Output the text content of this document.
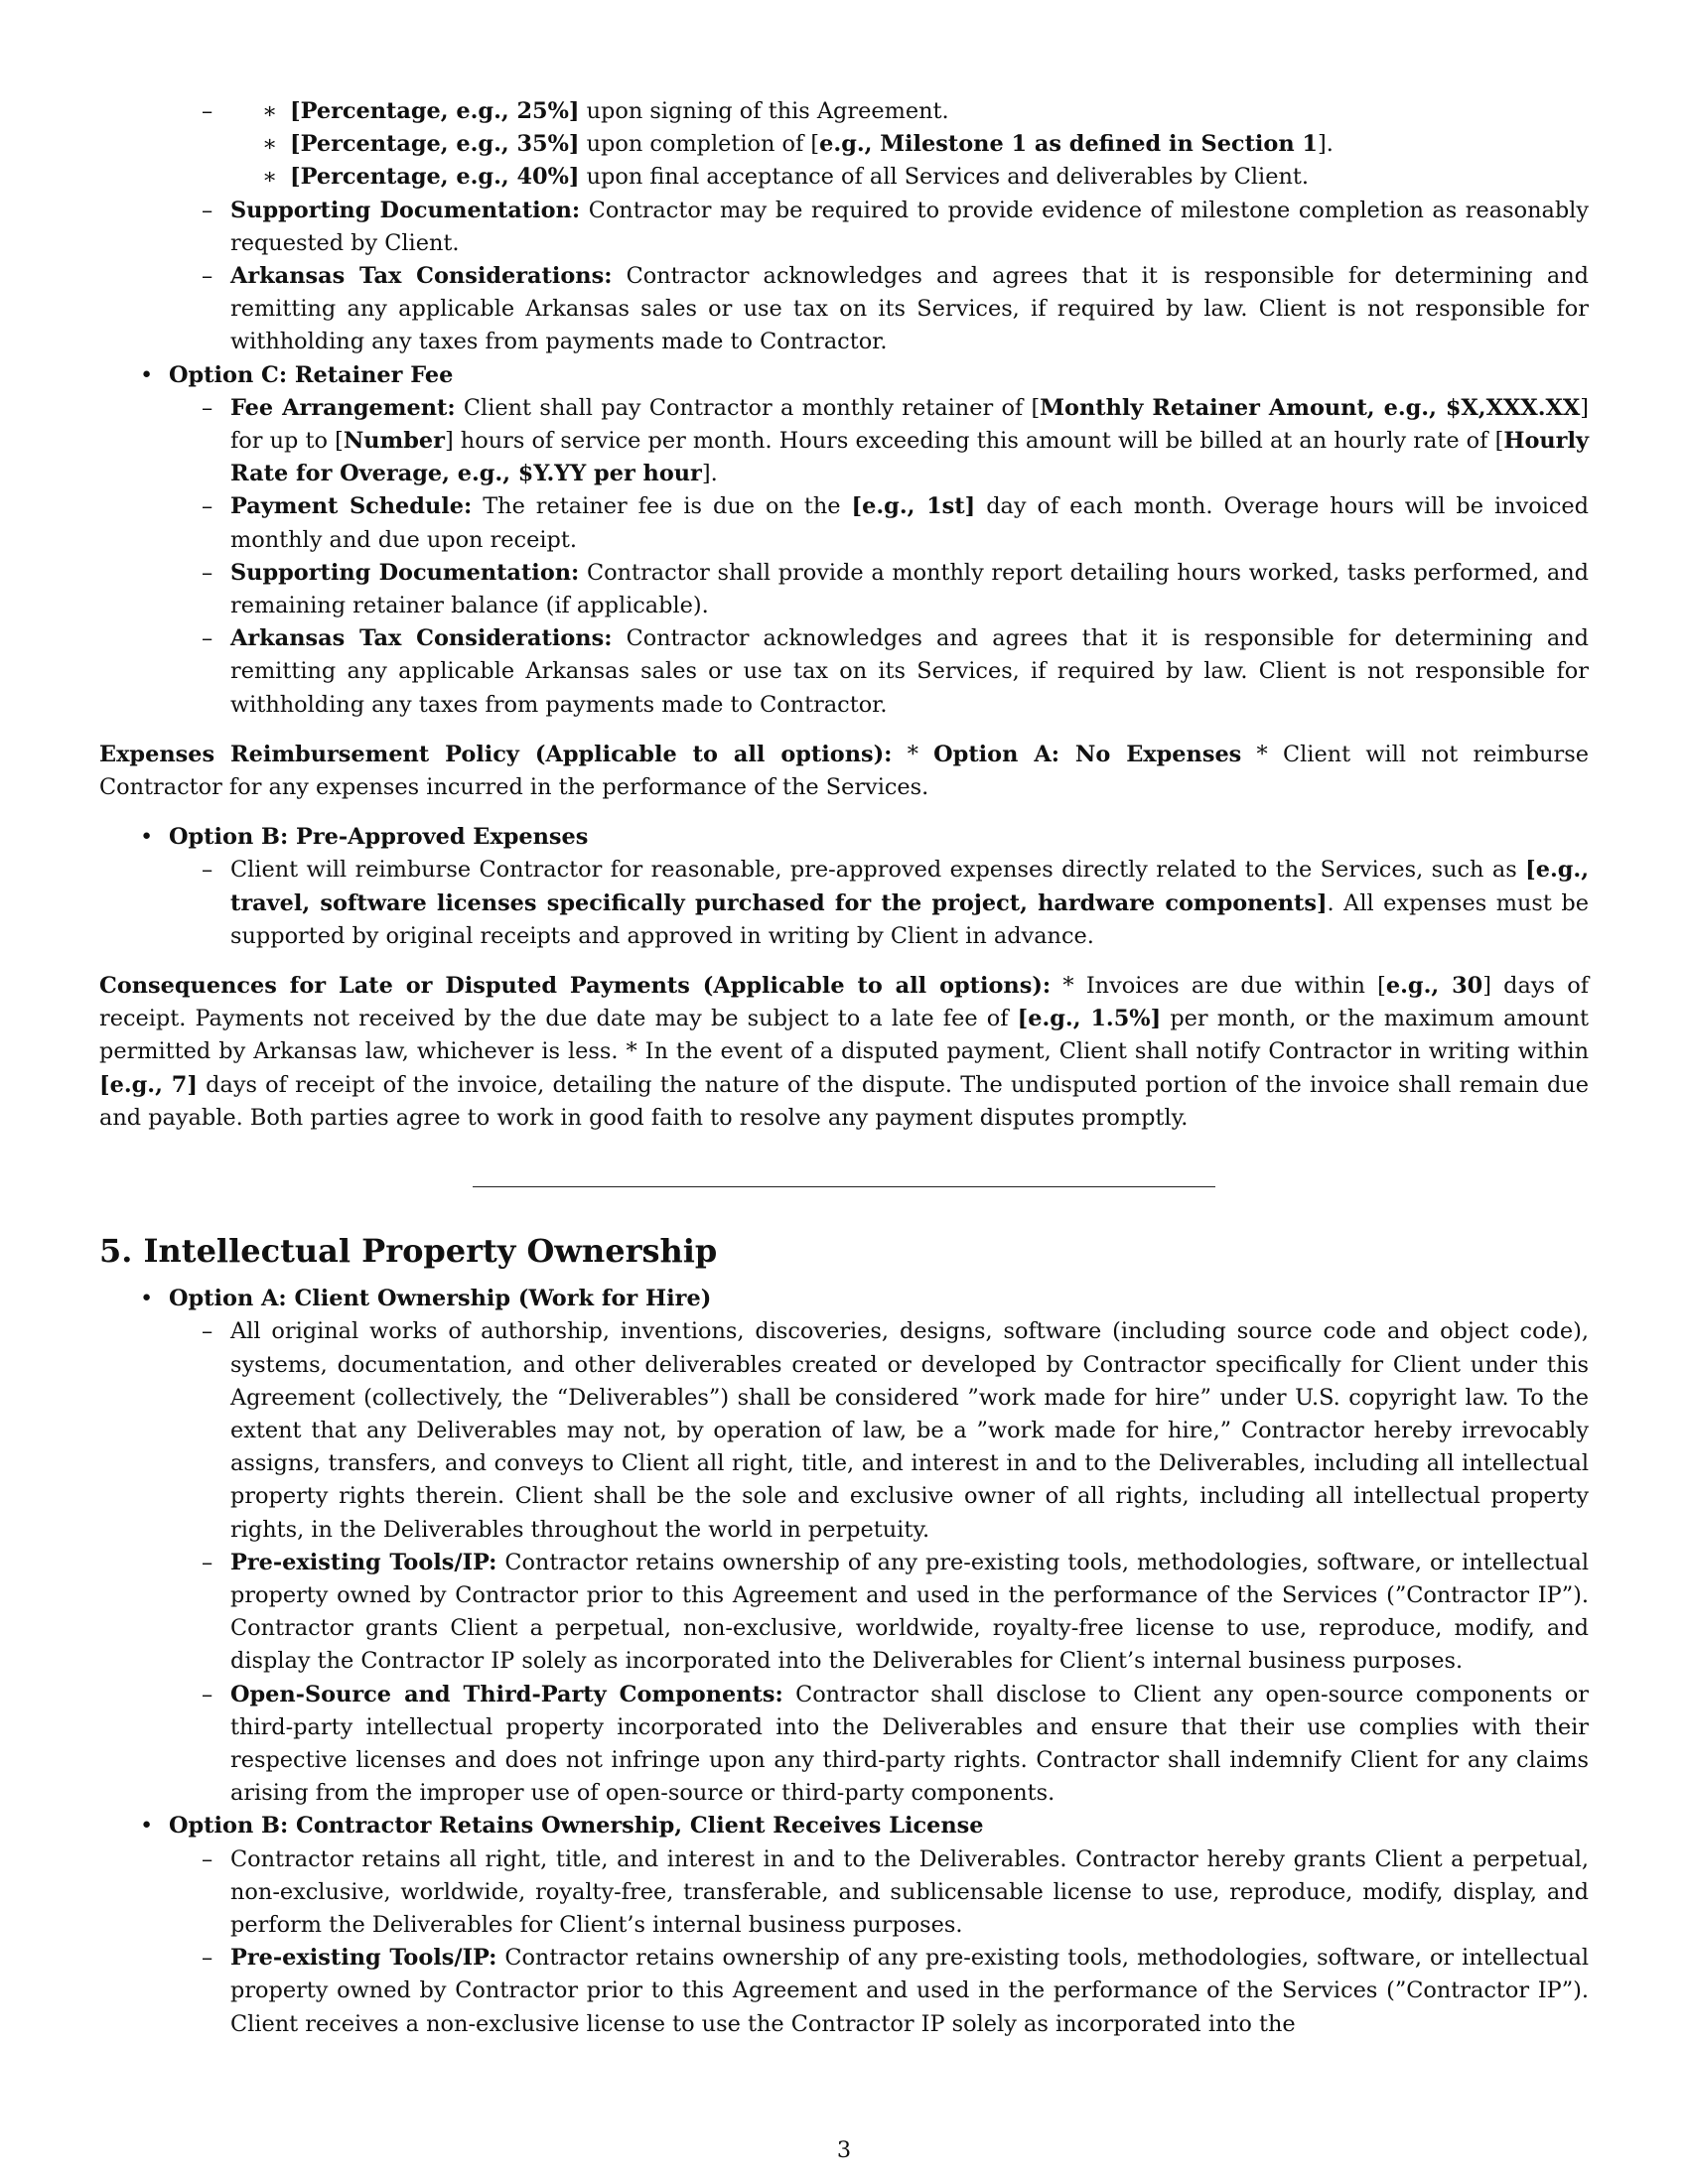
∗ – [Percentage, e.g., 25%] upon signing of this Agreement.
∗ [Percentage, e.g., 35%] upon completion of [e.g., Milestone 1 as defined in Section 1].
∗ [Percentage, e.g., 40%] upon final acceptance of all Services and deliverables by Client.
– Supporting Documentation: Contractor may be required to provide evidence of milestone completion as reasonably requested by Client.
– Arkansas Tax Considerations: Contractor acknowledges and agrees that it is responsible for determining and remitting any applicable Arkansas sales or use tax on its Services, if required by law. Client is not responsible for withholding any taxes from payments made to Contractor.
• Option C: Retainer Fee
– Fee Arrangement: Client shall pay Contractor a monthly retainer of [Monthly Retainer Amount, e.g., $X,XXX.XX] for up to [Number] hours of service per month. Hours exceeding this amount will be billed at an hourly rate of [Hourly Rate for Overage, e.g., $Y.YY per hour].
– Payment Schedule: The retainer fee is due on the [e.g., 1st] day of each month. Overage hours will be invoiced monthly and due upon receipt.
– Supporting Documentation: Contractor shall provide a monthly report detailing hours worked, tasks performed, and remaining retainer balance (if applicable).
– Arkansas Tax Considerations: Contractor acknowledges and agrees that it is responsible for determining and remitting any applicable Arkansas sales or use tax on its Services, if required by law. Client is not responsible for withholding any taxes from payments made to Contractor.

Expenses Reimbursement Policy (Applicable to all options): * Option A: No Expenses * Client will not reimburse Contractor for any expenses incurred in the performance of the Services.

• Option B: Pre-Approved Expenses
– Client will reimburse Contractor for reasonable, pre-approved expenses directly related to the Services, such as [e.g., travel, software licenses specifically purchased for the project, hardware components]. All expenses must be supported by original receipts and approved in writing by Client in advance.

Consequences for Late or Disputed Payments (Applicable to all options): * Invoices are due within [e.g., 30] days of receipt. Payments not received by the due date may be subject to a late fee of [e.g., 1.5%] per month, or the maximum amount permitted by Arkansas law, whichever is less. * In the event of a disputed payment, Client shall notify Contractor in writing within [e.g., 7] days of receipt of the invoice, detailing the nature of the dispute. The undisputed portion of the invoice shall remain due and payable. Both parties agree to work in good faith to resolve any payment disputes promptly.

5. Intellectual Property Ownership
• Option A: Client Ownership (Work for Hire)
– All original works of authorship, inventions, discoveries, designs, software (including source code and object code), systems, documentation, and other deliverables created or developed by Contractor specifically for Client under this Agreement (collectively, the “Deliverables”) shall be considered ”work made for hire” under U.S. copyright law. To the extent that any Deliverables may not, by operation of law, be a ”work made for hire,” Contractor hereby irrevocably assigns, transfers, and conveys to Client all right, title, and interest in and to the Deliverables, including all intellectual property rights therein. Client shall be the sole and exclusive owner of all rights, including all intellectual property rights, in the Deliverables throughout the world in perpetuity.
– Pre-existing Tools/IP: Contractor retains ownership of any pre-existing tools, methodologies, software, or intellectual property owned by Contractor prior to this Agreement and used in the performance of the Services (”Contractor IP”). Contractor grants Client a perpetual, non-exclusive, worldwide, royalty-free license to use, reproduce, modify, and display the Contractor IP solely as incorporated into the Deliverables for Client’s internal business purposes.
– Open-Source and Third-Party Components: Contractor shall disclose to Client any open-source components or third-party intellectual property incorporated into the Deliverables and ensure that their use complies with their respective licenses and does not infringe upon any third-party rights. Contractor shall indemnify Client for any claims arising from the improper use of open-source or third-party components.
• Option B: Contractor Retains Ownership, Client Receives License
– Contractor retains all right, title, and interest in and to the Deliverables. Contractor hereby grants Client a perpetual, non-exclusive, worldwide, royalty-free, transferable, and sublicensable license to use, reproduce, modify, display, and perform the Deliverables for Client’s internal business purposes.
– Pre-existing Tools/IP: Contractor retains ownership of any pre-existing tools, methodologies, software, or intellectual property owned by Contractor prior to this Agreement and used in the performance of the Services (”Contractor IP”). Client receives a non-exclusive license to use the Contractor IP solely as incorporated into the
3
